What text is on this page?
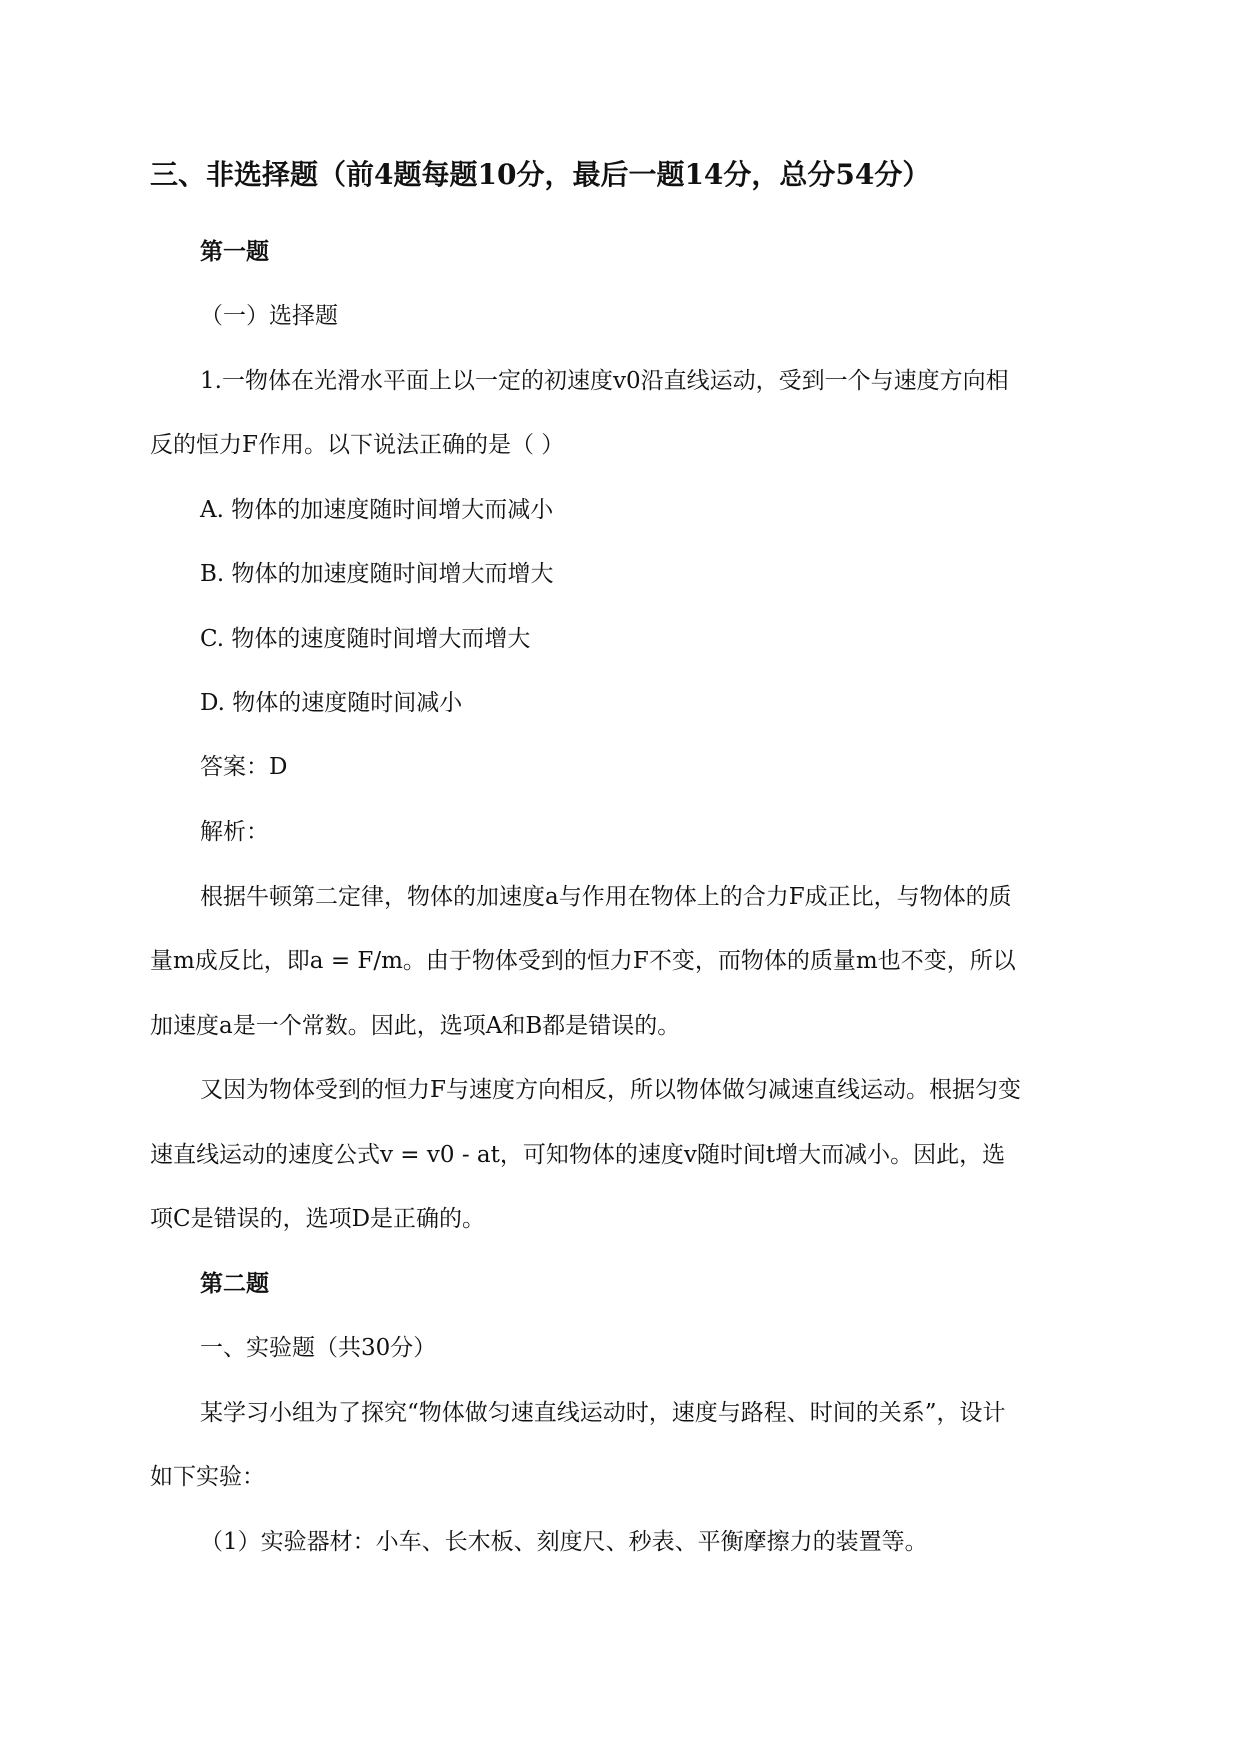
三、非选择题（前4题每题10分，最后一题14分，总分54分）
第一题
（一）选择题
1.一物体在光滑水平面上以一定的初速度v0沿直线运动，受到一个与速度方向相
反的恒力F作用。以下说法正确的是（ ）
A. 物体的加速度随时间增大而减小
B. 物体的加速度随时间增大而增大
C. 物体的速度随时间增大而增大
D. 物体的速度随时间减小
答案：D
解析：
根据牛顿第二定律，物体的加速度a与作用在物体上的合力F成正比，与物体的质
量m成反比，即a = F/m。由于物体受到的恒力F不变，而物体的质量m也不变，所以
加速度a是一个常数。因此，选项A和B都是错误的。
又因为物体受到的恒力F与速度方向相反，所以物体做匀减速直线运动。根据匀变
速直线运动的速度公式v = v0 - at，可知物体的速度v随时间t增大而减小。因此，选
项C是错误的，选项D是正确的。
第二题
一、实验题（共30分）
某学习小组为了探究“物体做匀速直线运动时，速度与路程、时间的关系”，设计
如下实验：
（1）实验器材：小车、长木板、刻度尺、秒表、平衡摩擦力的装置等。
